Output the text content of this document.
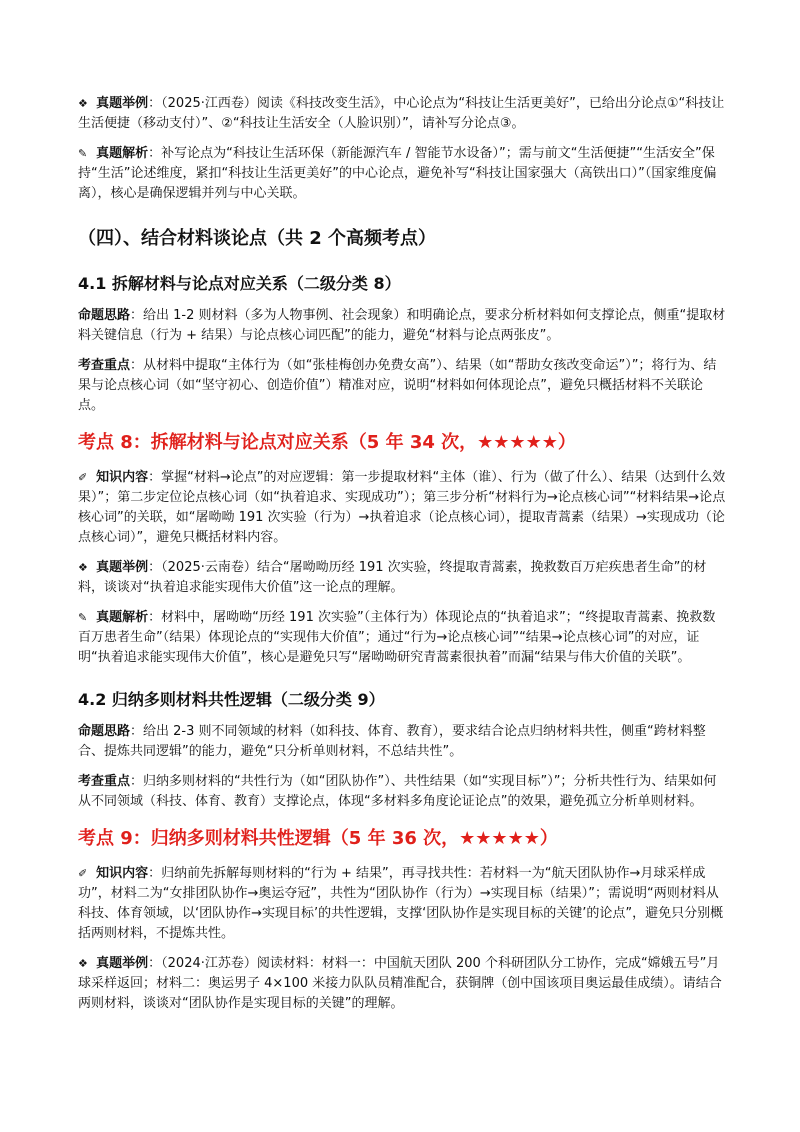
❖ 真题举例：（2025·江西卷）阅读《科技改变生活》，中心论点为“科技让生活更美好”，已给出分论点①“科技让生活便捷（移动支付）”、②“科技让生活安全（人脸识别）”，请补写分论点③。

✎ 真题解析：补写论点为“科技让生活环保（新能源汽车 / 智能节水设备）”；需与前文“生活便捷”“生活安全”保持“生活”论述维度，紧扣“科技让生活更美好”的中心论点，避免补写“科技让国家强大（高铁出口）”（国家维度偏离），核心是确保逻辑并列与中心关联。

（四）、结合材料谈论点（共 2 个高频考点）
4.1 拆解材料与论点对应关系（二级分类 8）

命题思路：给出 1-2 则材料（多为人物事例、社会现象）和明确论点，要求分析材料如何支撑论点，侧重“提取材料关键信息（行为 + 结果）与论点核心词匹配”的能力，避免“材料与论点两张皮”。

考查重点：从材料中提取“主体行为（如“张桂梅创办免费女高”）、结果（如“帮助女孩改变命运”）”；将行为、结果与论点核心词（如“坚守初心、创造价值”）精准对应，说明“材料如何体现论点”，避免只概括材料不关联论点。

考点 8：拆解材料与论点对应关系（5 年 34 次，★★★★★）

✐ 知识内容：掌握“材料→论点”的对应逻辑：第一步提取材料“主体（谁）、行为（做了什么）、结果（达到什么效果）”；第二步定位论点核心词（如“执着追求、实现成功”）；第三步分析“材料行为→论点核心词”“材料结果→论点核心词”的关联，如“屠呦呦 191 次实验（行为）→执着追求（论点核心词），提取青蒿素（结果）→实现成功（论点核心词）”，避免只概括材料内容。

❖ 真题举例：（2025·云南卷）结合“屠呦呦历经 191 次实验，终提取青蒿素，挽救数百万疟疾患者生命”的材料，谈谈对“执着追求能实现伟大价值”这一论点的理解。

✎ 真题解析：材料中，屠呦呦“历经 191 次实验”（主体行为）体现论点的“执着追求”；“终提取青蒿素、挽救数百万患者生命”（结果）体现论点的“实现伟大价值”；通过“行为→论点核心词”“结果→论点核心词”的对应，证明“执着追求能实现伟大价值”，核心是避免只写“屠呦呦研究青蒿素很执着”而漏“结果与伟大价值的关联”。

4.2 归纳多则材料共性逻辑（二级分类 9）

命题思路：给出 2-3 则不同领域的材料（如科技、体育、教育），要求结合论点归纳材料共性，侧重“跨材料整合、提炼共同逻辑”的能力，避免“只分析单则材料，不总结共性”。

考查重点：归纳多则材料的“共性行为（如“团队协作”）、共性结果（如“实现目标”）”；分析共性行为、结果如何从不同领域（科技、体育、教育）支撑论点，体现“多材料多角度论证论点”的效果，避免孤立分析单则材料。

考点 9：归纳多则材料共性逻辑（5 年 36 次，★★★★★）

✐ 知识内容：归纳前先拆解每则材料的“行为 + 结果”，再寻找共性：若材料一为“航天团队协作→月球采样成功”，材料二为“女排团队协作→奥运夺冠”，共性为“团队协作（行为）→实现目标（结果）”；需说明“两则材料从科技、体育领域，以‘团队协作→实现目标’的共性逻辑，支撑‘团队协作是实现目标的关键’的论点”，避免只分别概括两则材料，不提炼共性。

❖ 真题举例：（2024·江苏卷）阅读材料：材料一：中国航天团队 200 个科研团队分工协作，完成“嫦娥五号”月球采样返回；材料二：奥运男子 4×100 米接力队队员精准配合，获铜牌（创中国该项目奥运最佳成绩）。请结合两则材料，谈谈对“团队协作是实现目标的关键”的理解。
